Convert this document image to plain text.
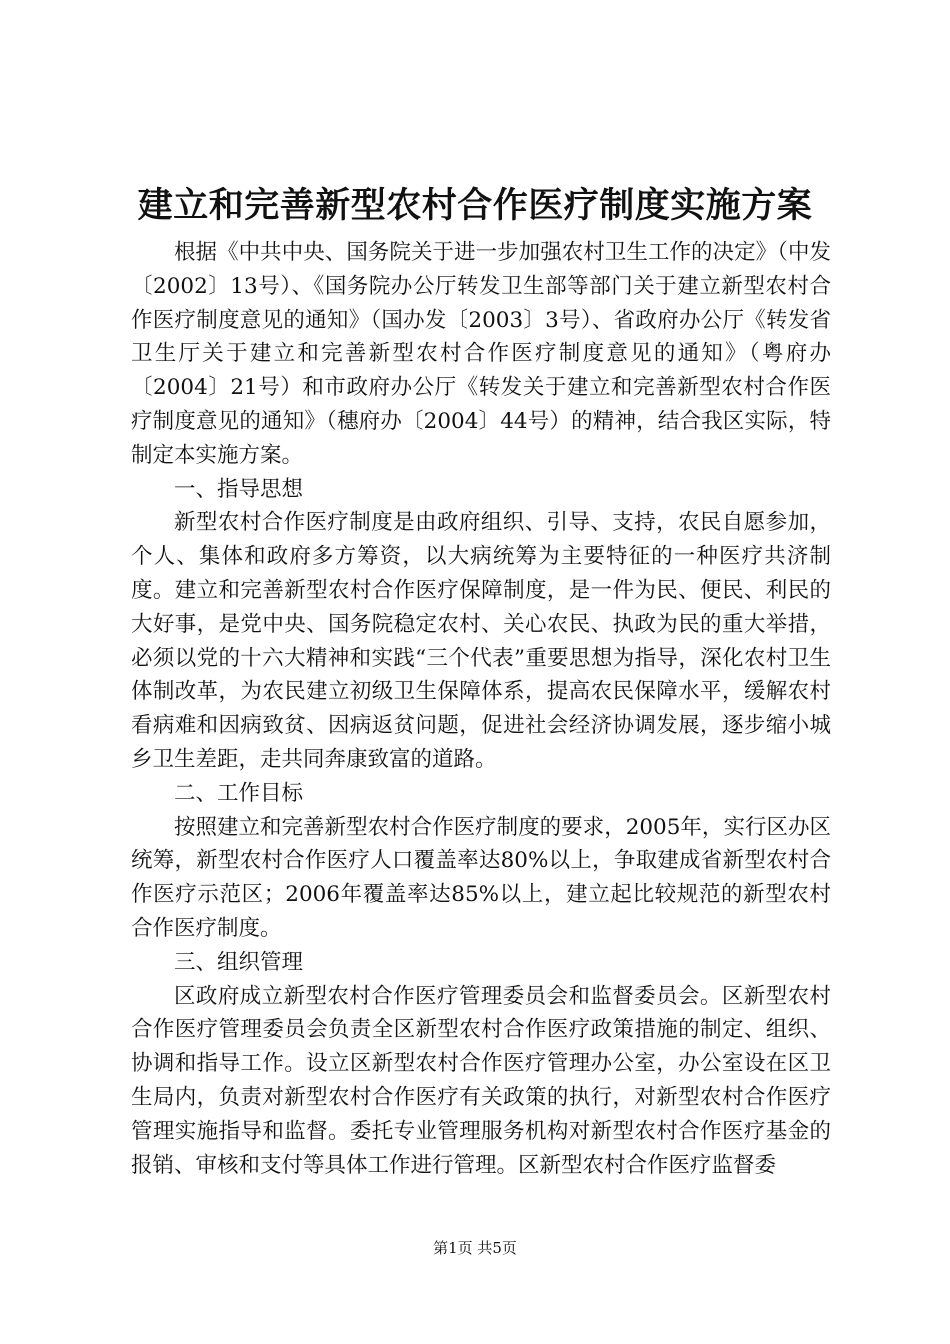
建立和完善新型农村合作医疗制度实施方案

根据《中共中央、国务院关于进一步加强农村卫生工作的决定》（中发〔2002〕13号）、《国务院办公厅转发卫生部等部门关于建立新型农村合作医疗制度意见的通知》（国办发〔2003〕3号）、省政府办公厅《转发省卫生厅关于建立和完善新型农村合作医疗制度意见的通知》（粤府办〔2004〕21号）和市政府办公厅《转发关于建立和完善新型农村合作医疗制度意见的通知》（穗府办〔2004〕44号）的精神，结合我区实际，特制定本实施方案。

一、指导思想

新型农村合作医疗制度是由政府组织、引导、支持，农民自愿参加，个人、集体和政府多方筹资，以大病统筹为主要特征的一种医疗共济制度。建立和完善新型农村合作医疗保障制度，是一件为民、便民、利民的大好事，是党中央、国务院稳定农村、关心农民、执政为民的重大举措，必须以党的十六大精神和实践“三个代表”重要思想为指导，深化农村卫生体制改革，为农民建立初级卫生保障体系，提高农民保障水平，缓解农村看病难和因病致贫、因病返贫问题，促进社会经济协调发展，逐步缩小城乡卫生差距，走共同奔康致富的道路。

二、工作目标

按照建立和完善新型农村合作医疗制度的要求，2005年，实行区办区统筹，新型农村合作医疗人口覆盖率达80%以上，争取建成省新型农村合作医疗示范区；2006年覆盖率达85%以上，建立起比较规范的新型农村合作医疗制度。

三、组织管理

区政府成立新型农村合作医疗管理委员会和监督委员会。区新型农村合作医疗管理委员会负责全区新型农村合作医疗政策措施的制定、组织、协调和指导工作。设立区新型农村合作医疗管理办公室，办公室设在区卫生局内，负责对新型农村合作医疗有关政策的执行，对新型农村合作医疗管理实施指导和监督。委托专业管理服务机构对新型农村合作医疗基金的报销、审核和支付等具体工作进行管理。区新型农村合作医疗监督委

第1页 共5页
